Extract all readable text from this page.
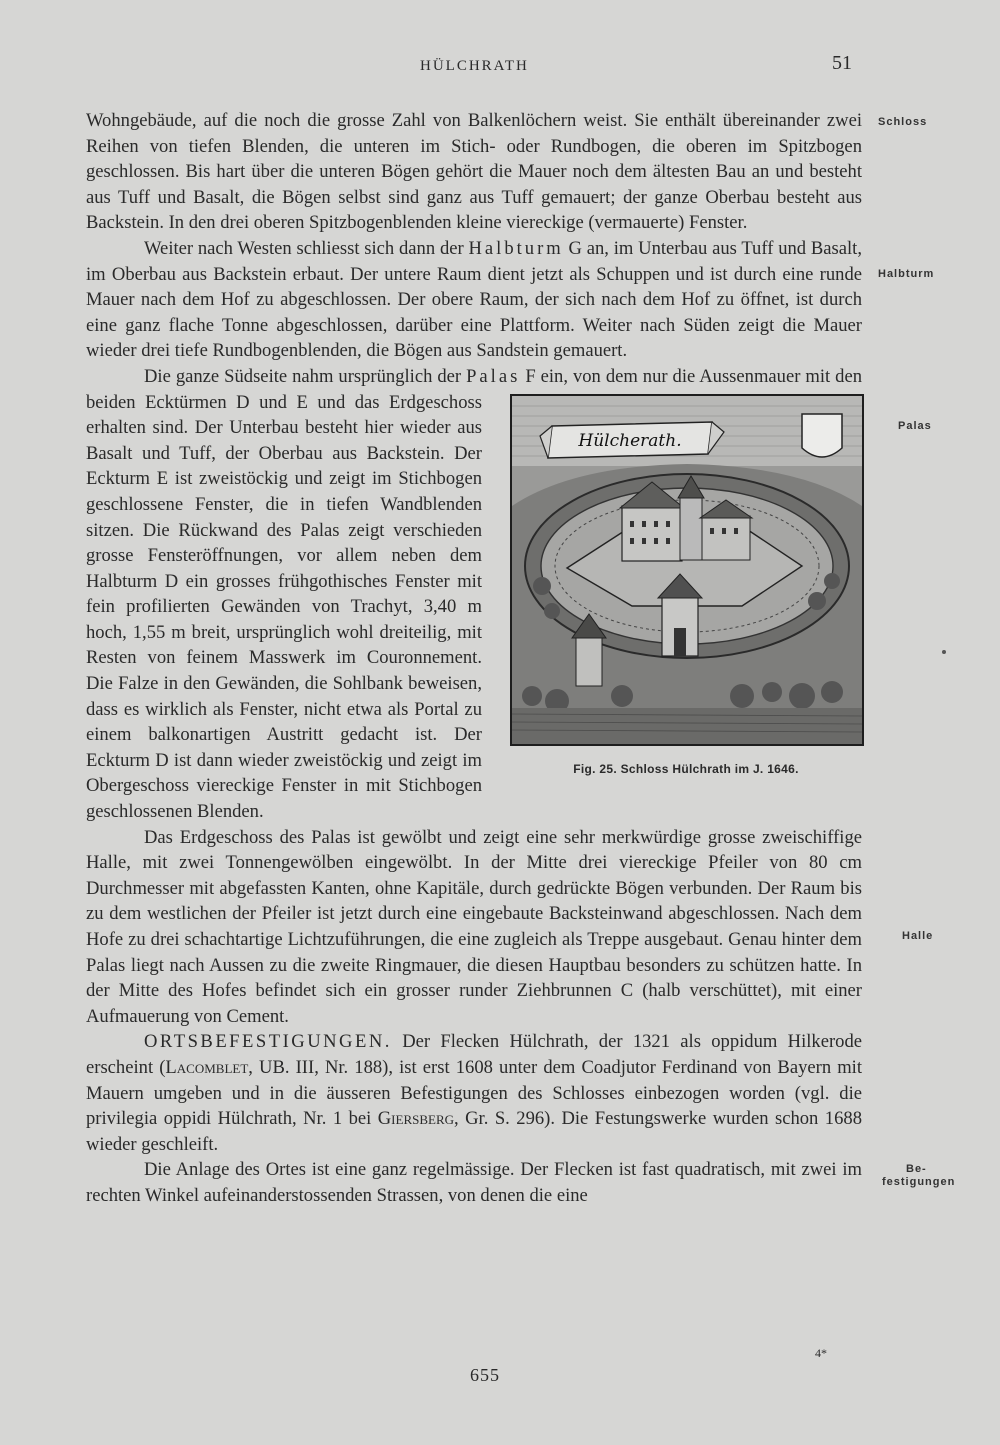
HÜLCHRATH	51
Schloss
Halbturm
Palas
Halle
Be-
festigungen

Wohngebäude, auf die noch die grosse Zahl von Balkenlöchern weist. Sie enthält übereinander zwei Reihen von tiefen Blenden, die unteren im Stich- oder Rundbogen, die oberen im Spitzbogen geschlossen. Bis hart über die unteren Bögen gehört die Mauer noch dem ältesten Bau an und besteht aus Tuff und Basalt, die Bögen selbst sind ganz aus Tuff gemauert; der ganze Oberbau besteht aus Backstein. In den drei oberen Spitzbogenblenden kleine viereckige (vermauerte) Fenster.

Weiter nach Westen schliesst sich dann der Halbturm G an, im Unterbau aus Tuff und Basalt, im Oberbau aus Backstein erbaut. Der untere Raum dient jetzt als Schuppen und ist durch eine runde Mauer nach dem Hof zu abgeschlossen. Der obere Raum, der sich nach dem Hof zu öffnet, ist durch eine ganz flache Tonne abgeschlossen, darüber eine Plattform. Weiter nach Süden zeigt die Mauer wieder drei tiefe Rundbogenblenden, die Bögen aus Sandstein gemauert.

Die ganze Südseite nahm ursprünglich der Palas
Hülcherath.
Fig. 25. Schloss Hülchrath im J. 1646.
F ein, von dem nur die Aussenmauer mit den beiden Ecktürmen D und E und das Erdgeschoss erhalten sind. Der Unterbau besteht hier wieder aus Basalt und Tuff, der Oberbau aus Backstein. Der Eckturm E ist zweistöckig und zeigt im Stichbogen geschlossene Fenster, die in tiefen Wandblenden sitzen. Die Rückwand des Palas zeigt verschieden grosse Fensteröffnungen, vor allem neben dem Halbturm D ein grosses frühgothisches Fenster mit fein profilierten Gewänden von Trachyt, 3,40 m hoch, 1,55 m breit, ursprünglich wohl dreiteilig, mit Resten von feinem Masswerk im Couronnement. Die Falze in den Gewänden, die Sohlbank beweisen, dass es wirklich als Fenster, nicht etwa als Portal zu einem balkonartigen Austritt gedacht ist. Der Eckturm D ist dann wieder zweistöckig und zeigt im Obergeschoss viereckige Fenster in mit Stichbogen geschlossenen Blenden.

Das Erdgeschoss des Palas ist gewölbt und zeigt eine sehr merkwürdige grosse zweischiffige Halle, mit zwei Tonnengewölben eingewölbt. In der Mitte drei viereckige Pfeiler von 80 cm Durchmesser mit abgefassten Kanten, ohne Kapitäle, durch gedrückte Bögen verbunden. Der Raum bis zu dem westlichen der Pfeiler ist jetzt durch eine eingebaute Backsteinwand abgeschlossen. Nach dem Hofe zu drei schachtartige Lichtzuführungen, die eine zugleich als Treppe ausgebaut. Genau hinter dem Palas liegt nach Aussen zu die zweite Ringmauer, die diesen Hauptbau besonders zu schützen hatte. In der Mitte des Hofes befindet sich ein grosser runder Ziehbrunnen C (halb verschüttet), mit einer Aufmauerung von Cement.

ORTSBEFESTIGUNGEN. Der Flecken Hülchrath, der 1321 als oppidum Hilkerode erscheint (Lacomblet, UB. III, Nr. 188), ist erst 1608 unter dem Coadjutor Ferdinand von Bayern mit Mauern umgeben und in die äusseren Befestigungen des Schlosses einbezogen worden (vgl. die privilegia oppidi Hülchrath, Nr. 1 bei Giersberg, Gr. S. 296). Die Festungswerke wurden schon 1688 wieder geschleift.

Die Anlage des Ortes ist eine ganz regelmässige. Der Flecken ist fast quadratisch, mit zwei im rechten Winkel aufeinanderstossenden Strassen, von denen die eine

4*
655
